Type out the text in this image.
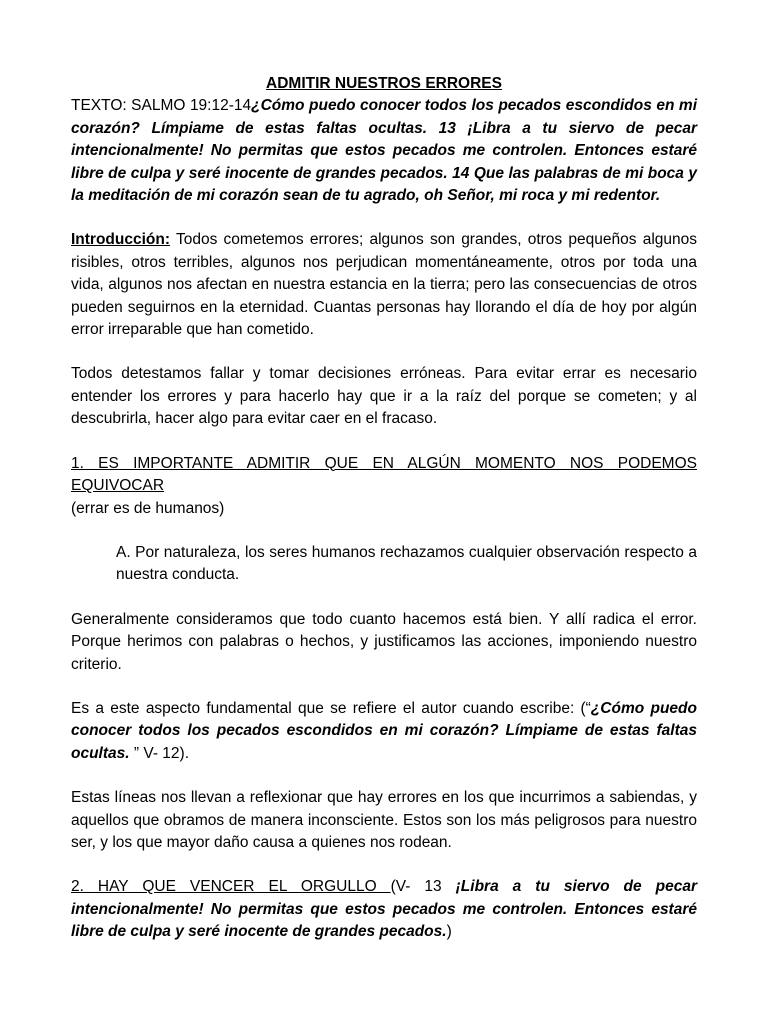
ADMITIR NUESTROS ERRORES

TEXTO: SALMO 19:12-14¿Cómo puedo conocer todos los pecados escondidos en mi corazón? Límpiame de estas faltas ocultas. 13 ¡Libra a tu siervo de pecar intencionalmente! No permitas que estos pecados me controlen. Entonces estaré libre de culpa y seré inocente de grandes pecados. 14 Que las palabras de mi boca y la meditación de mi corazón sean de tu agrado, oh Señor, mi roca y mi redentor.

Introducción: Todos cometemos errores; algunos son grandes, otros pequeños algunos risibles, otros terribles, algunos nos perjudican momentáneamente, otros por toda una vida, algunos nos afectan en nuestra estancia en la tierra; pero las consecuencias de otros pueden seguirnos en la eternidad. Cuantas personas hay llorando el día de hoy por algún error irreparable que han cometido.

Todos detestamos fallar y tomar decisiones erróneas. Para evitar errar es necesario entender los errores y para hacerlo hay que ir a la raíz del porque se cometen; y al descubrirla, hacer algo para evitar caer en el fracaso.

1. ES IMPORTANTE ADMITIR QUE EN ALGÚN MOMENTO NOS PODEMOS EQUIVOCAR
(errar es de humanos)

A. Por naturaleza, los seres humanos rechazamos cualquier observación respecto a nuestra conducta.

Generalmente consideramos que todo cuanto hacemos está bien. Y allí radica el error. Porque herimos con palabras o hechos, y justificamos las acciones, imponiendo nuestro criterio.

Es a este aspecto fundamental que se refiere el autor cuando escribe: (“¿Cómo puedo conocer todos los pecados escondidos en mi corazón? Límpiame de estas faltas ocultas. ” V- 12).

Estas líneas nos llevan a reflexionar que hay errores en los que incurrimos a sabiendas, y aquellos que obramos de manera inconsciente. Estos son los más peligrosos para nuestro ser, y los que mayor daño causa a quienes nos rodean.

2. HAY QUE VENCER EL ORGULLO (V- 13 ¡Libra a tu siervo de pecar intencionalmente! No permitas que estos pecados me controlen. Entonces estaré libre de culpa y seré inocente de grandes pecados.)
